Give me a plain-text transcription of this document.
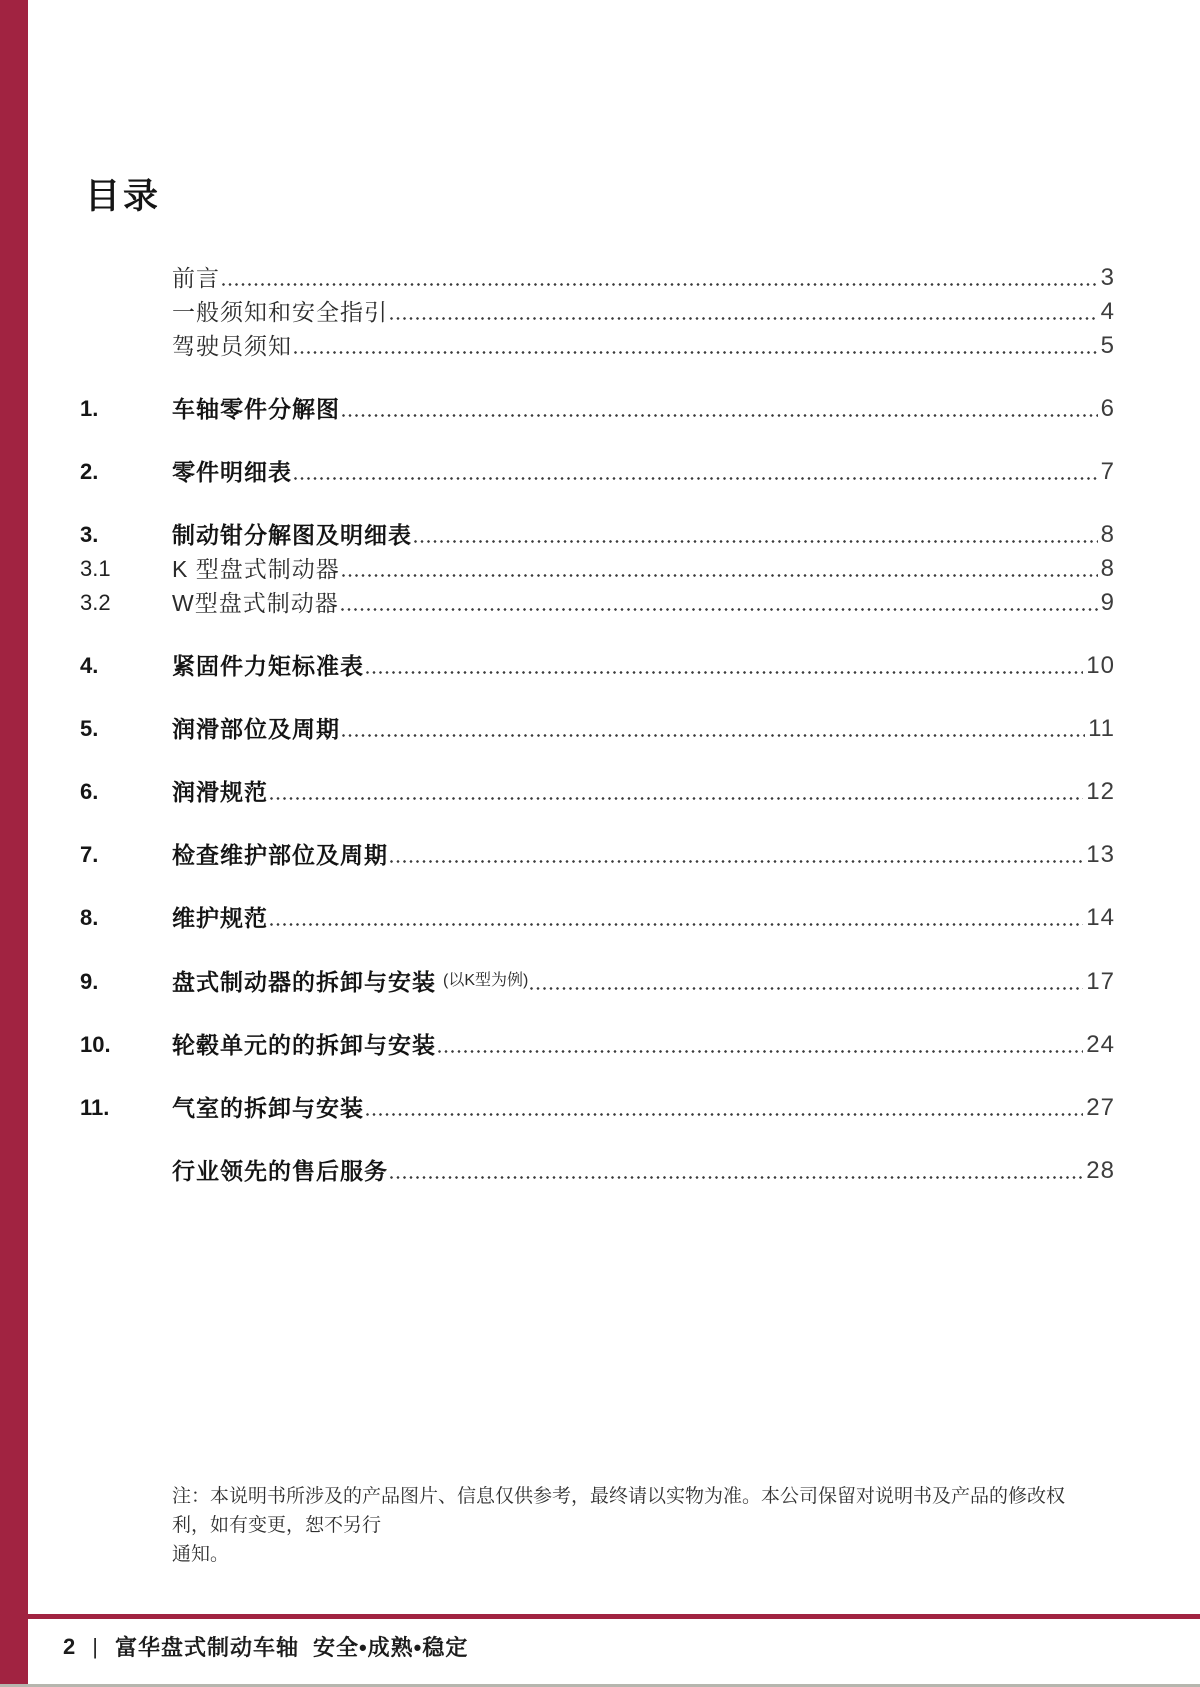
目录
前言	3
一般须知和安全指引	4
驾驶员须知	5
1.	车轴零件分解图	6
2.	零件明细表	7
3.	制动钳分解图及明细表	8
3.1	K 型盘式制动器	8
3.2	W型盘式制动器	9
4.	紧固件力矩标准表	10
5.	润滑部位及周期	11
6.	润滑规范	12
7.	检查维护部位及周期	13
8.	维护规范	14
9.	盘式制动器的拆卸与安装 (以K型为例)	17
10.	轮毂单元的的拆卸与安装	24
11.	气室的拆卸与安装	27
行业领先的售后服务	28
注：本说明书所涉及的产品图片、信息仅供参考，最终请以实物为准。本公司保留对说明书及产品的修改权利，如有变更，恕不另行
通知。
2 | 富华盘式制动车轴 安全•成熟•稳定
